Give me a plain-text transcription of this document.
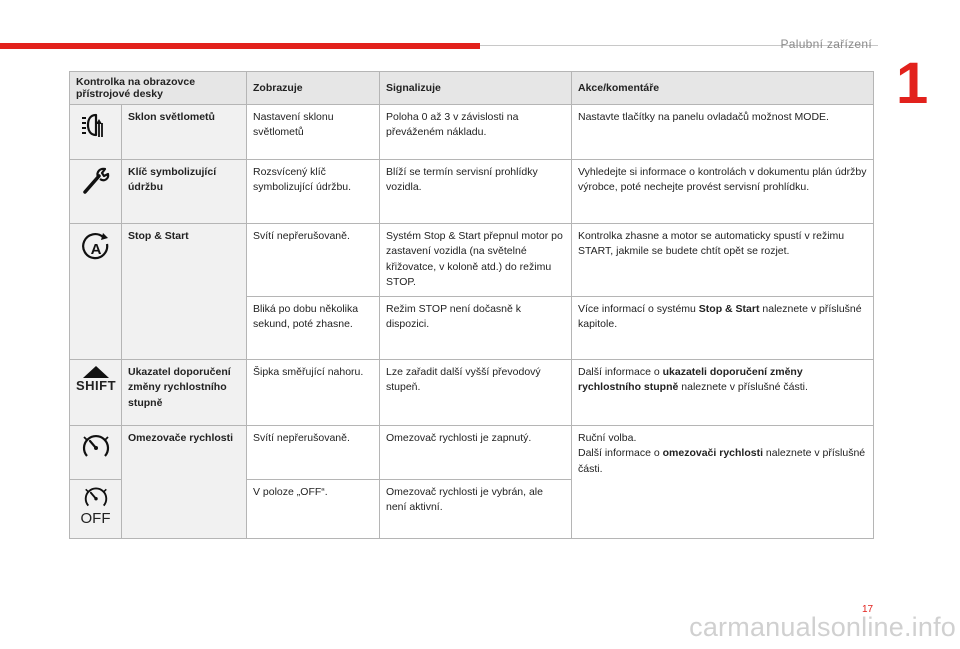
Palubní zařízení
1
Kontrolka na obrazovce přístrojové desky		Zobrazuje	Signalizuje	Akce/komentáře

	Sklon světlometů	Nastavení sklonu světlometů	Poloha 0 až 3 v závislosti na převáženém nákladu.	Nastavte tlačítky na panelu ovladačů možnost MODE.

	Klíč symbolizující údržbu	Rozsvícený klíč symbolizující údržbu.	Blíží se termín servisní prohlídky vozidla.	Vyhledejte si informace o kontrolách v dokumentu plán údržby výrobce, poté nechejte provést servisní prohlídku.

A	Stop & Start	Svítí nepřerušovaně.	Systém Stop & Start přepnul motor po zastavení vozidla (na světelné křižovatce, v koloně atd.) do režimu STOP.	Kontrolka zhasne a motor se automaticky spustí v režimu START, jakmile se budete chtít opět se rozjet.
		Bliká po dobu několika sekund, poté zhasne.	Režim STOP není dočasně k dispozici.	Více informací o systému Stop & Start naleznete v příslušné kapitole.

SHIFT	Ukazatel doporučení změny rychlostního stupně	Šipka směřující nahoru.	Lze zařadit další vyšší převodový stupeň.	Další informace o ukazateli doporučení změny rychlostního stupně naleznete v příslušné části.

	Omezovače rychlosti	Svítí nepřerušovaně.	Omezovač rychlosti je zapnutý.	Ruční volba.
Další informace o omezovači rychlosti naleznete v příslušné části.

OFF		V poloze „OFF“.	Omezovač rychlosti je vybrán, ale není aktivní.	
17
carmanualsonline.info
